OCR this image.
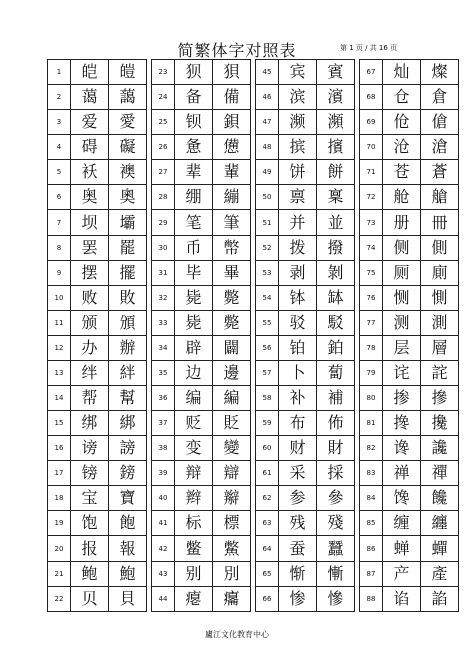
简繁体字对照表	第 1 页 / 共 16 页
1	皑	皚		23	狈	狽		45	宾	賓		67	灿	燦
2	蔼	藹		24	备	備		46	滨	濱		68	仓	倉
3	爱	愛		25	钡	鋇		47	濒	瀕		69	伧	傖
4	碍	礙		26	惫	憊		48	摈	擯		70	沧	滄
5	袄	襖		27	辈	輩		49	饼	餅		71	苍	蒼
6	奥	奧		28	绷	繃		50	禀	稟		72	舱	艙
7	坝	壩		29	笔	筆		51	并	並		73	册	冊
8	罢	罷		30	币	幣		52	拨	撥		74	侧	側
9	摆	擺		31	毕	畢		53	剥	剝		75	厕	廁
10	败	敗		32	毙	斃		54	钵	缽		76	恻	惻
11	颁	頒		33	毙	斃		55	驳	駁		77	测	測
12	办	辦		34	辟	闢		56	铂	鉑		78	层	層
13	绊	絆		35	边	邊		57	卜	蔔		79	诧	詫
14	帮	幫		36	编	編		58	补	補		80	掺	摻
15	绑	綁		37	贬	貶		59	布	佈		81	搀	攙
16	谤	謗		38	变	變		60	财	財		82	谗	讒
17	镑	鎊		39	辩	辯		61	采	採		83	禅	禪
18	宝	寶		40	辫	辮		62	参	參		84	馋	饞
19	饱	飽		41	标	標		63	残	殘		85	缠	纏
20	报	報		42	鳖	鱉		64	蚕	蠶		86	蝉	蟬
21	鲍	鮑		43	别	別		65	惭	慚		87	产	產
22	贝	貝		44	瘪	癟		66	惨	慘		88	谄	諂
廬江文化教育中心
